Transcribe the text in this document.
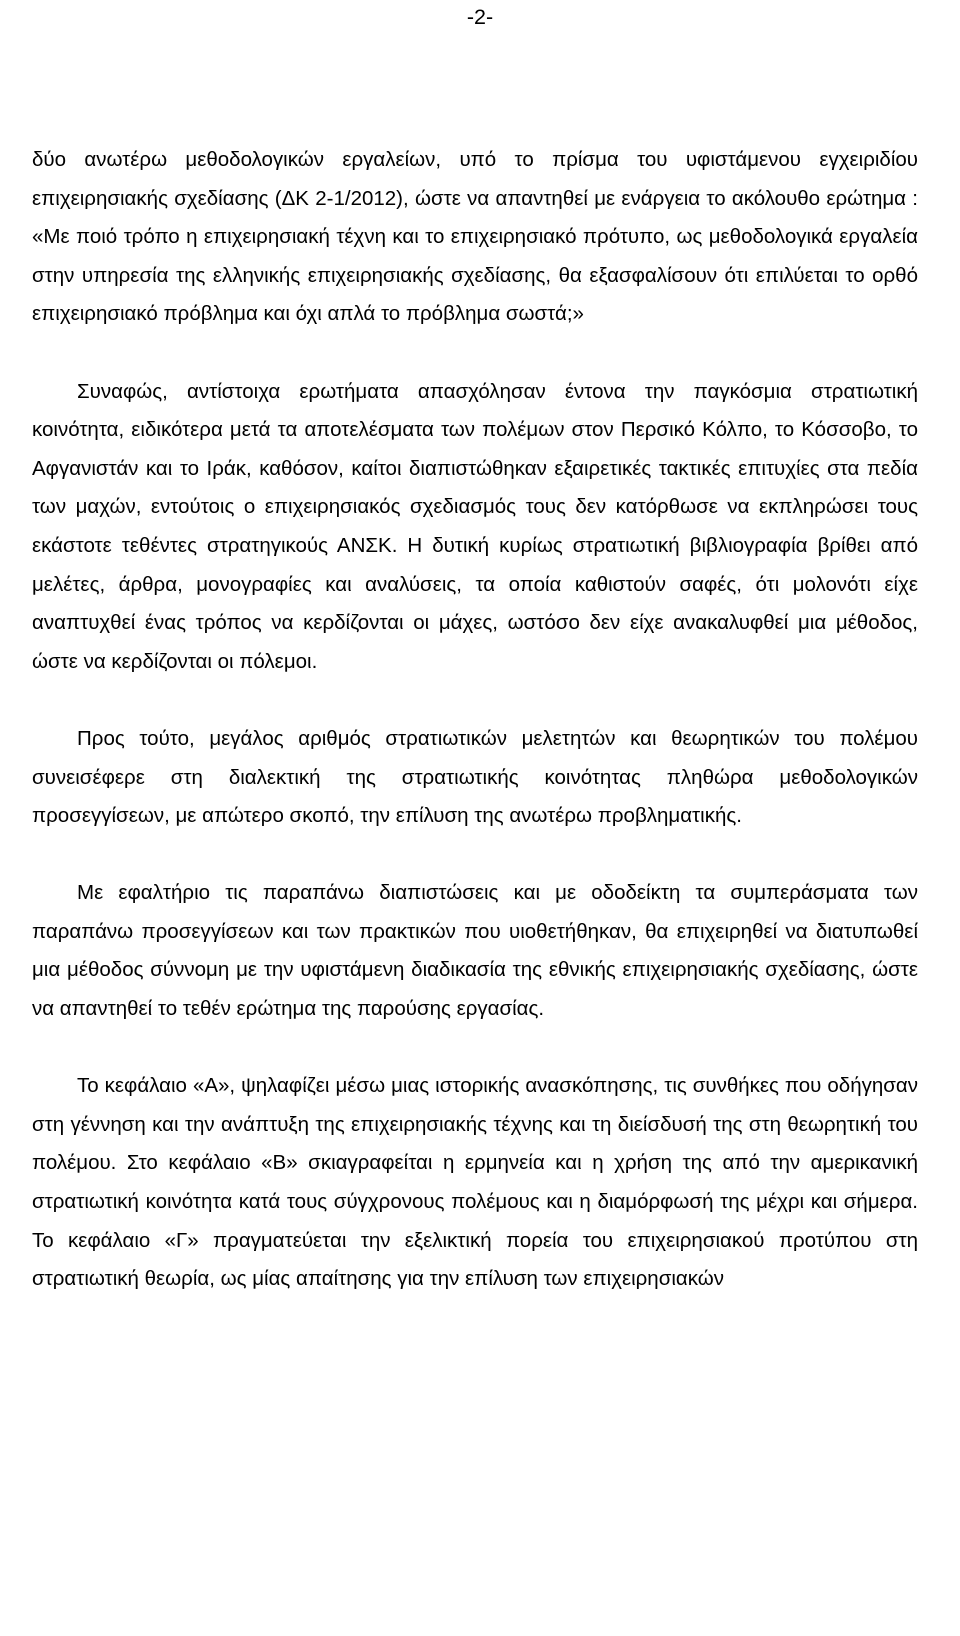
-2-

δύο ανωτέρω μεθοδολογικών εργαλείων, υπό το πρίσμα του υφιστάμενου εγχειριδίου επιχειρησιακής σχεδίασης (ΔΚ 2-1/2012), ώστε να απαντηθεί με ενάργεια το ακόλουθο ερώτημα : «Με ποιό τρόπο η επιχειρησιακή τέχνη και το επιχειρησιακό πρότυπο, ως μεθοδολογικά εργαλεία στην υπηρεσία της ελληνικής επιχειρησιακής σχεδίασης, θα εξασφαλίσουν ότι επιλύεται το ορθό επιχειρησιακό πρόβλημα και όχι απλά το πρόβλημα σωστά;»

Συναφώς, αντίστοιχα ερωτήματα απασχόλησαν έντονα την παγκόσμια στρατιωτική κοινότητα, ειδικότερα μετά τα αποτελέσματα των πολέμων στον Περσικό Κόλπο, το Κόσσοβο, το Αφγανιστάν και το Ιράκ, καθόσον, καίτοι διαπιστώθηκαν εξαιρετικές τακτικές επιτυχίες στα πεδία των μαχών, εντούτοις ο επιχειρησιακός σχεδιασμός τους δεν κατόρθωσε να εκπληρώσει τους εκάστοτε τεθέντες στρατηγικούς ΑΝΣΚ. Η δυτική κυρίως στρατιωτική βιβλιογραφία βρίθει από μελέτες, άρθρα, μονογραφίες και αναλύσεις, τα οποία καθιστούν σαφές, ότι μολονότι είχε αναπτυχθεί ένας τρόπος να κερδίζονται οι μάχες, ωστόσο δεν είχε ανακαλυφθεί μια μέθοδος, ώστε να κερδίζονται οι πόλεμοι.

Προς τούτο, μεγάλος αριθμός στρατιωτικών μελετητών και θεωρητικών του πολέμου συνεισέφερε στη διαλεκτική της στρατιωτικής κοινότητας πληθώρα μεθοδολογικών προσεγγίσεων, με απώτερο σκοπό, την επίλυση της ανωτέρω προβληματικής.

Με εφαλτήριο τις παραπάνω διαπιστώσεις και με οδοδείκτη τα συμπεράσματα των παραπάνω προσεγγίσεων και των πρακτικών που υιοθετήθηκαν, θα επιχειρηθεί να διατυπωθεί μια μέθοδος σύννομη με την υφιστάμενη διαδικασία της εθνικής επιχειρησιακής σχεδίασης, ώστε να απαντηθεί το τεθέν ερώτημα της παρούσης εργασίας.

Το κεφάλαιο «Α», ψηλαφίζει μέσω μιας ιστορικής ανασκόπησης, τις συνθήκες που οδήγησαν στη γέννηση και την ανάπτυξη της επιχειρησιακής τέχνης και τη διείσδυσή της στη θεωρητική του πολέμου. Στο κεφάλαιο «Β» σκιαγραφείται η ερμηνεία και η χρήση της από την αμερικανική στρατιωτική κοινότητα κατά τους σύγχρονους πολέμους και η διαμόρφωσή της μέχρι και σήμερα. Το κεφάλαιο «Γ» πραγματεύεται την εξελικτική πορεία του επιχειρησιακού προτύπου στη στρατιωτική θεωρία, ως μίας απαίτησης για την επίλυση των επιχειρησιακών
